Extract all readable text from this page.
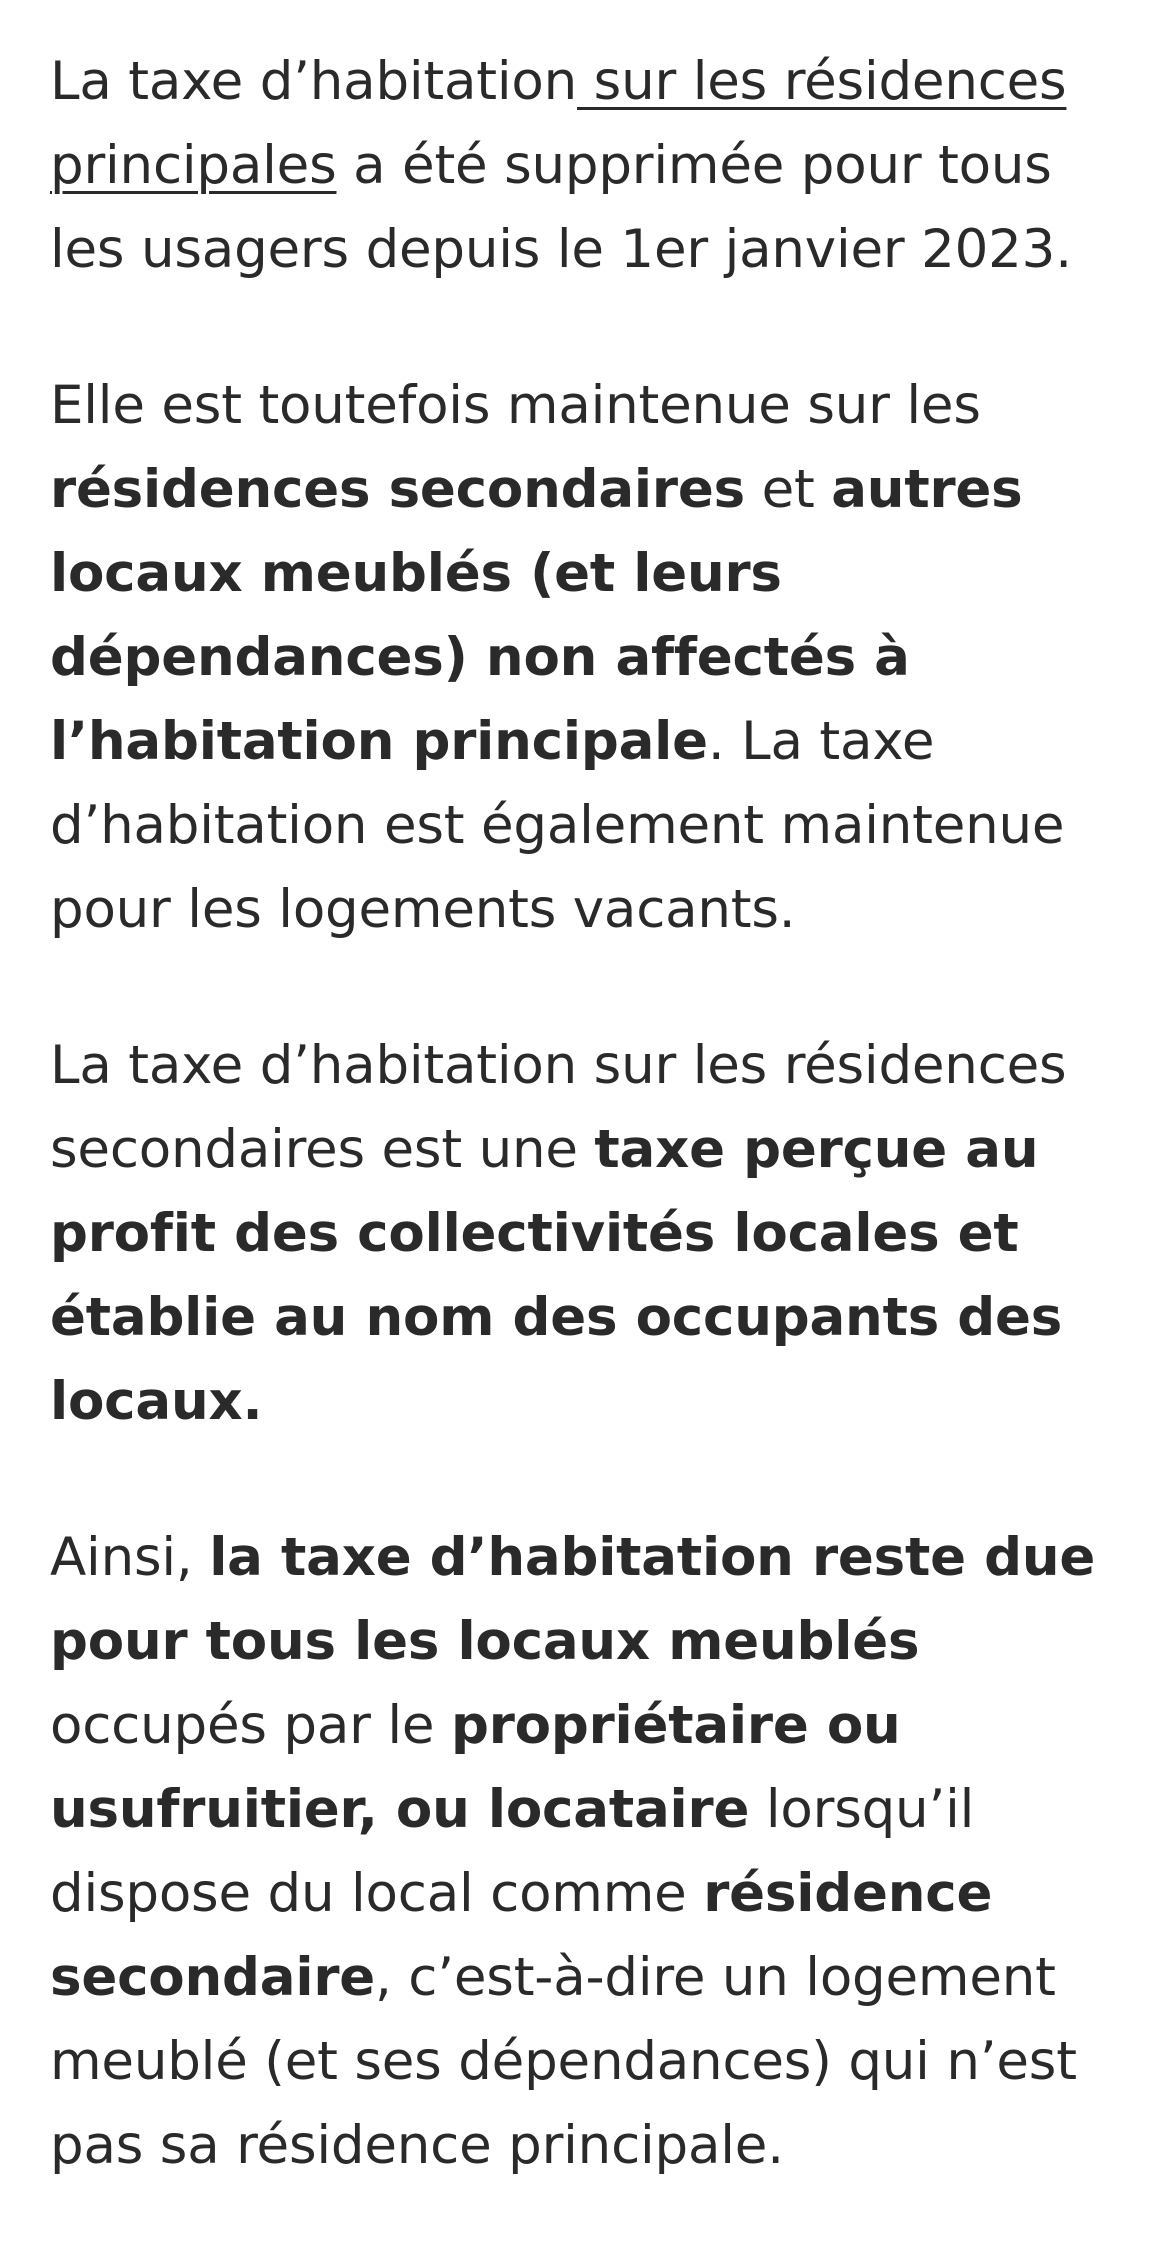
La taxe d’habitation sur les résidences principales a été supprimée pour tous les usagers depuis le 1er janvier 2023.

Elle est toutefois maintenue sur les résidences secondaires et autres locaux meublés (et leurs dépendances) non affectés à l’habitation principale. La taxe d’habitation est également maintenue pour les logements vacants.

La taxe d’habitation sur les résidences secondaires est une taxe perçue au profit des collectivités locales et établie au nom des occupants des locaux.

Ainsi, la taxe d’habitation reste due pour tous les locaux meublés occupés par le propriétaire ou usufruitier, ou locataire lorsqu’il dispose du local comme résidence secondaire, c’est-à-dire un logement meublé (et ses dépendances) qui n’est pas sa résidence principale.
